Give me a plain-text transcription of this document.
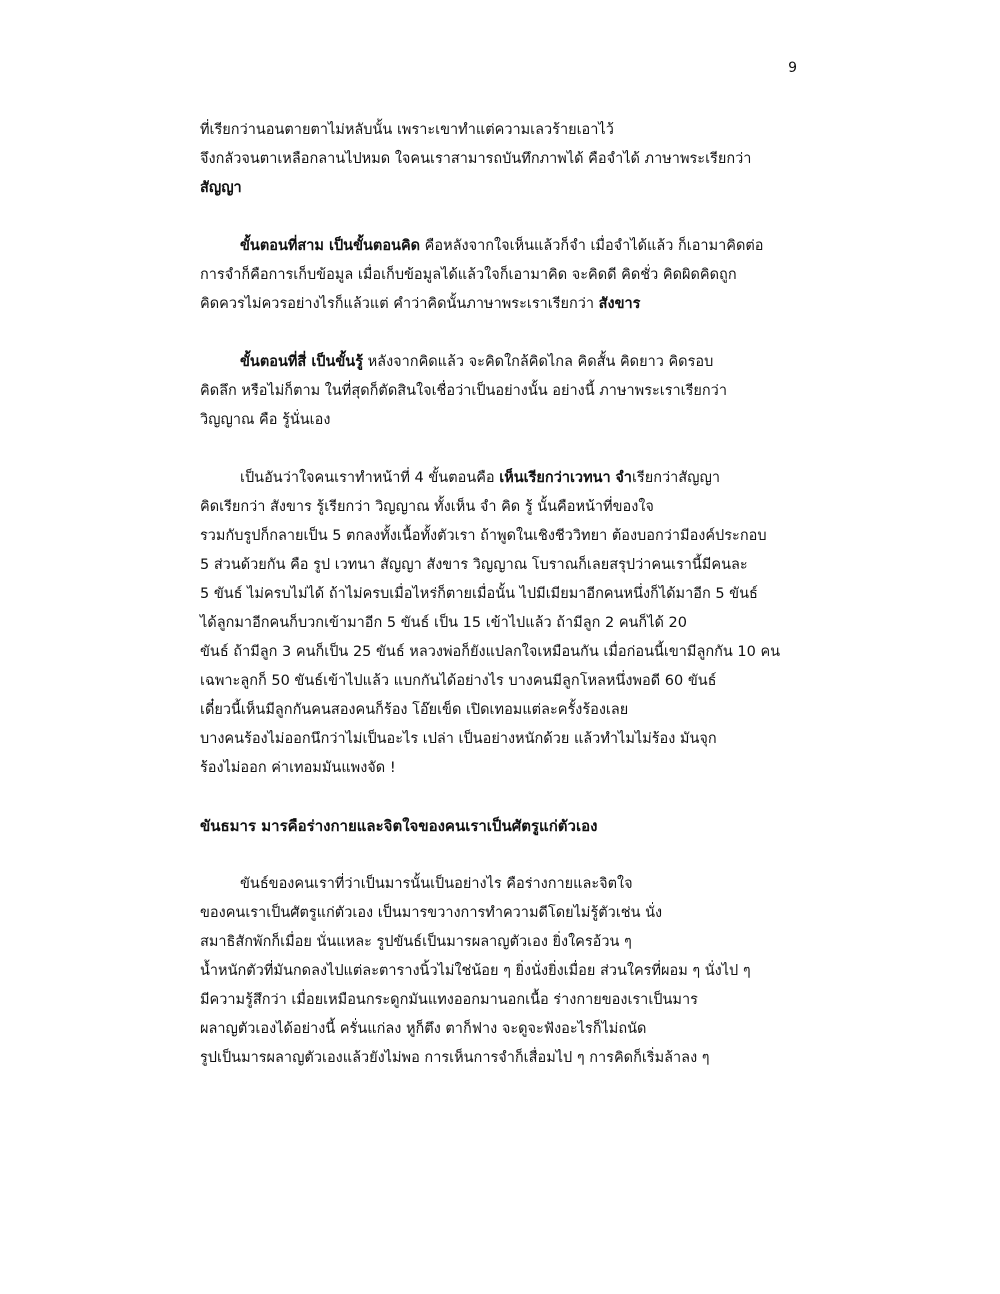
9
ที่เรียกว่านอนตายตาไม่หลับนั้น เพราะเขาทำแต่ความเลวร้ายเอาไว้
จึงกลัวจนตาเหลือกลานไปหมด ใจคนเราสามารถบันทึกภาพได้ คือจำได้ ภาษาพระเรียกว่า
สัญญา
ขั้นตอนที่สาม เป็นขั้นตอนคิด คือหลังจากใจเห็นแล้วก็จำ เมื่อจำได้แล้ว ก็เอามาคิดต่อ
การจำก็คือการเก็บข้อมูล เมื่อเก็บข้อมูลได้แล้วใจก็เอามาคิด จะคิดดี คิดชั่ว คิดผิดคิดถูก
คิดควรไม่ควรอย่างไรก็แล้วแต่ คำว่าคิดนั้นภาษาพระเราเรียกว่า สังขาร
ขั้นตอนที่สี่ เป็นขั้นรู้ หลังจากคิดแล้ว จะคิดใกล้คิดไกล คิดสั้น คิดยาว คิดรอบ
คิดลึก หรือไม่ก็ตาม ในที่สุดก็ตัดสินใจเชื่อว่าเป็นอย่างนั้น อย่างนี้ ภาษาพระเราเรียกว่า
วิญญาณ คือ รู้นั่นเอง
เป็นอันว่าใจคนเราทำหน้าที่ 4 ขั้นตอนคือ เห็นเรียกว่าเวทนา จำเรียกว่าสัญญา
คิดเรียกว่า สังขาร รู้เรียกว่า วิญญาณ ทั้งเห็น จำ คิด รู้ นั้นคือหน้าที่ของใจ
รวมกับรูปก็กลายเป็น 5 ตกลงทั้งเนื้อทั้งตัวเรา ถ้าพูดในเชิงชีววิทยา ต้องบอกว่ามีองค์ประกอบ
5 ส่วนด้วยกัน คือ รูป เวทนา สัญญา สังขาร วิญญาณ โบราณก็เลยสรุปว่าคนเรานี้มีคนละ
5 ขันธ์ ไม่ครบไม่ได้ ถ้าไม่ครบเมื่อไหร่ก็ตายเมื่อนั้น ไปมีเมียมาอีกคนหนึ่งก็ได้มาอีก 5 ขันธ์
ได้ลูกมาอีกคนก็บวกเข้ามาอีก 5 ขันธ์ เป็น 15 เข้าไปแล้ว ถ้ามีลูก 2 คนก็ได้ 20
ขันธ์ ถ้ามีลูก 3 คนก็เป็น 25 ขันธ์ หลวงพ่อก็ยังแปลกใจเหมือนกัน เมื่อก่อนนี้เขามีลูกกัน 10 คน
เฉพาะลูกก็ 50 ขันธ์เข้าไปแล้ว แบกกันได้อย่างไร บางคนมีลูกโหลหนึ่งพอดี 60 ขันธ์
เดี๋ยวนี้เห็นมีลูกกันคนสองคนก็ร้อง โอ๊ยเข็ด เปิดเทอมแต่ละครั้งร้องเลย
บางคนร้องไม่ออกนึกว่าไม่เป็นอะไร เปล่า เป็นอย่างหนักด้วย แล้วทำไมไม่ร้อง มันจุก
ร้องไม่ออก ค่าเทอมมันแพงจัด !
ขันธมาร มารคือร่างกายและจิตใจของคนเราเป็นศัตรูแก่ตัวเอง
ขันธ์ของคนเราที่ว่าเป็นมารนั้นเป็นอย่างไร คือร่างกายและจิตใจ
ของคนเราเป็นศัตรูแก่ตัวเอง เป็นมารขวางการทำความดีโดยไม่รู้ตัวเช่น นั่ง
สมาธิสักพักก็เมื่อย นั่นแหละ รูปขันธ์เป็นมารผลาญตัวเอง ยิ่งใครอ้วน ๆ
น้ำหนักตัวที่มันกดลงไปแต่ละตารางนิ้วไม่ใช่น้อย ๆ ยิ่งนั่งยิ่งเมื่อย ส่วนใครที่ผอม ๆ นั่งไป ๆ
มีความรู้สึกว่า เมื่อยเหมือนกระดูกมันแทงออกมานอกเนื้อ ร่างกายของเราเป็นมาร
ผลาญตัวเองได้อย่างนี้ ครั่นแก่ลง หูก็ตึง ตาก็ฟาง จะดูจะฟังอะไรก็ไม่ถนัด
รูปเป็นมารผลาญตัวเองแล้วยังไม่พอ การเห็นการจำก็เสื่อมไป ๆ การคิดก็เริ่มล้าลง ๆ
